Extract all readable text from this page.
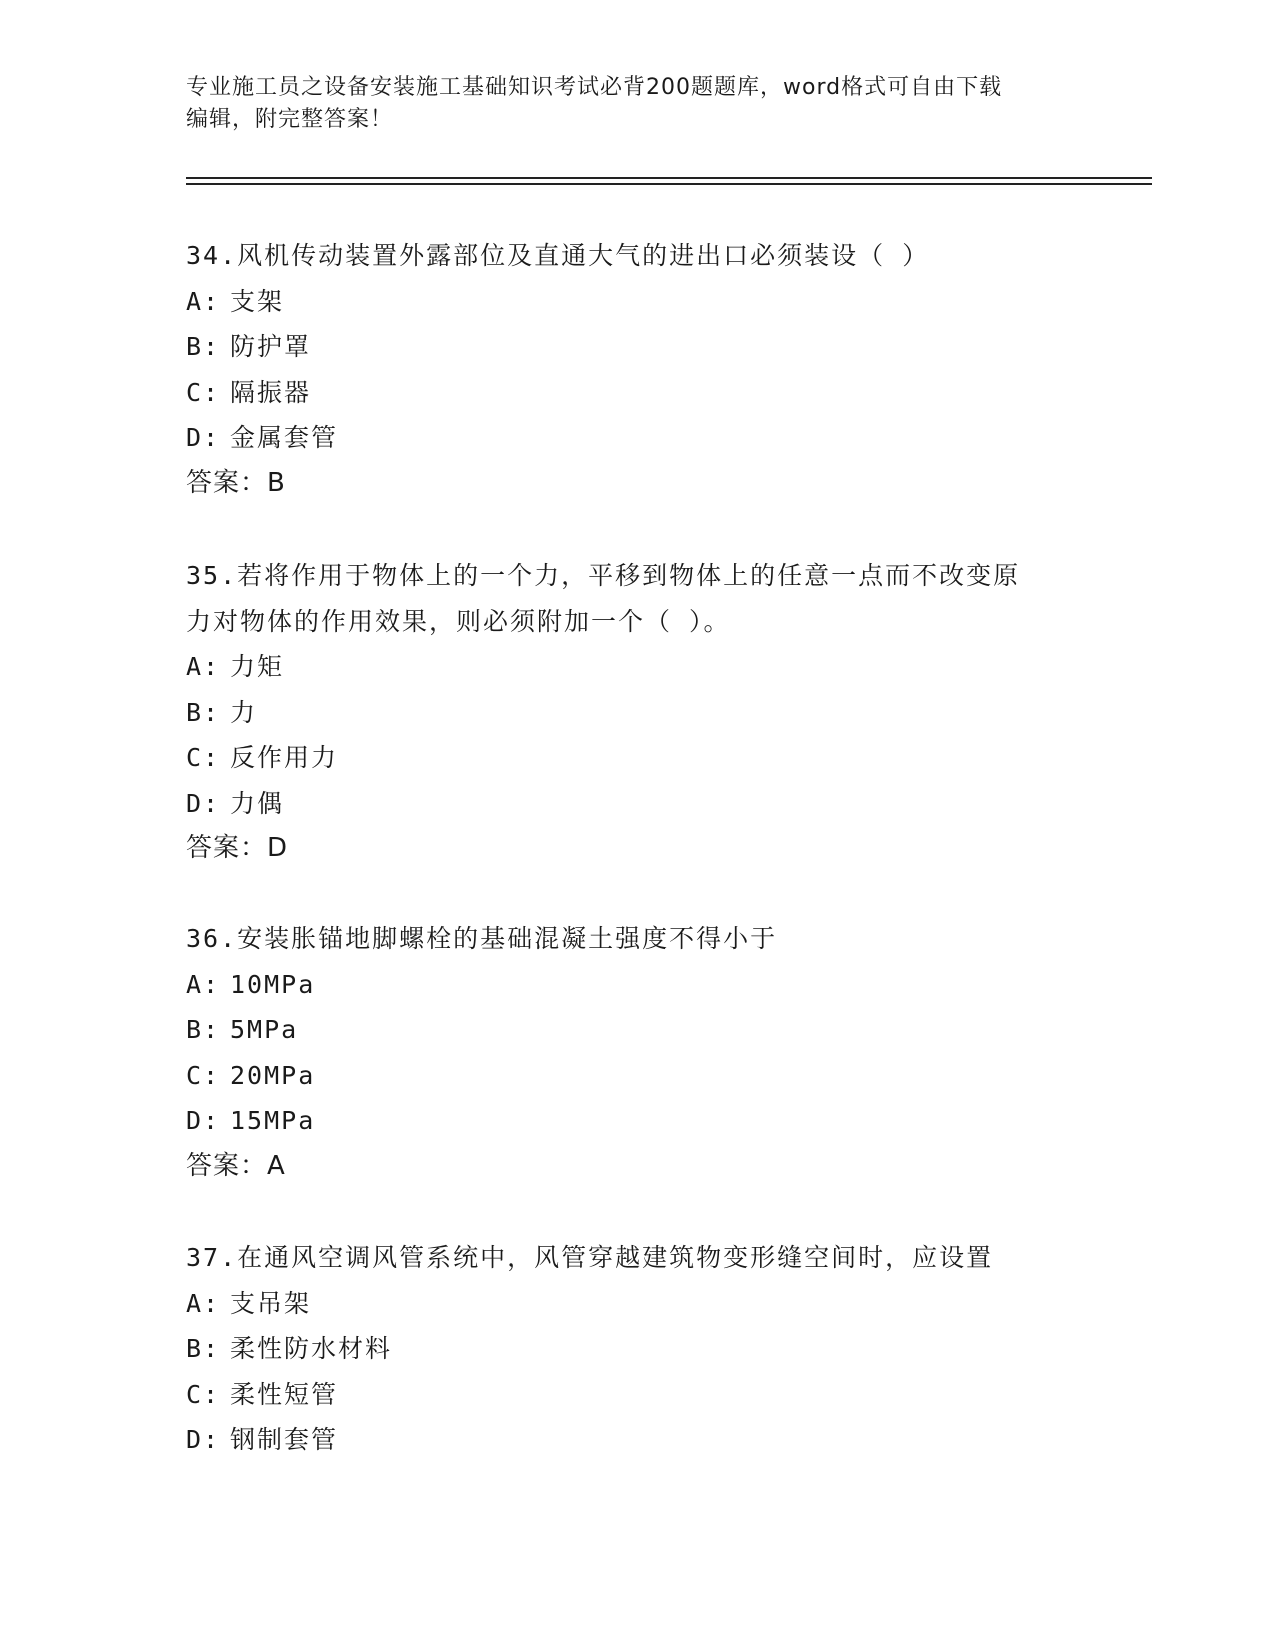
专业施工员之设备安装施工基础知识考试必背200题题库，word格式可自由下载
编辑，附完整答案！
34.风机传动装置外露部位及直通大气的进出口必须装设（ ）
A: 支架
B: 防护罩
C: 隔振器
D: 金属套管
答案：B
35.若将作用于物体上的一个力，平移到物体上的任意一点而不改变原
力对物体的作用效果，则必须附加一个（ ）。
A: 力矩
B: 力
C: 反作用力
D: 力偶
答案：D
36.安装胀锚地脚螺栓的基础混凝土强度不得小于
A: 10MPa
B: 5MPa
C: 20MPa
D: 15MPa
答案：A
37.在通风空调风管系统中，风管穿越建筑物变形缝空间时，应设置
A: 支吊架
B: 柔性防水材料
C: 柔性短管
D: 钢制套管
